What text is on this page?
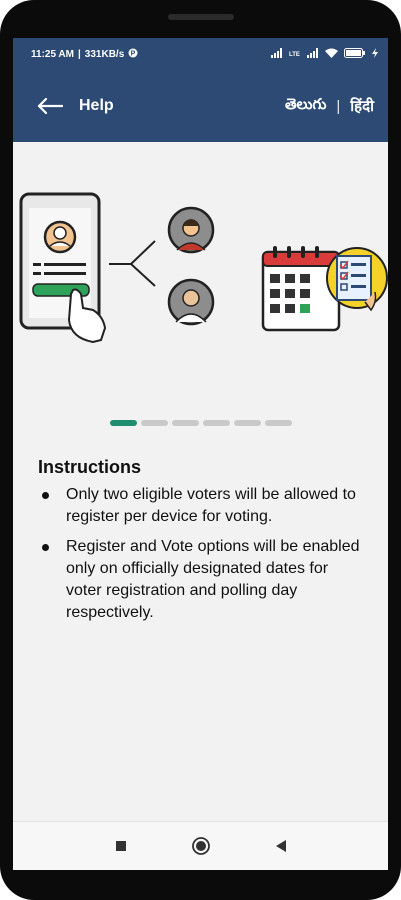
11:25 AM | 331KB/s P	LTE
Help	తెలుగు | हिंदी
Instructions
Only two eligible voters will be allowed to register per device for voting.
Register and Vote options will be enabled only on officially designated dates for voter registration and polling day respectively.
